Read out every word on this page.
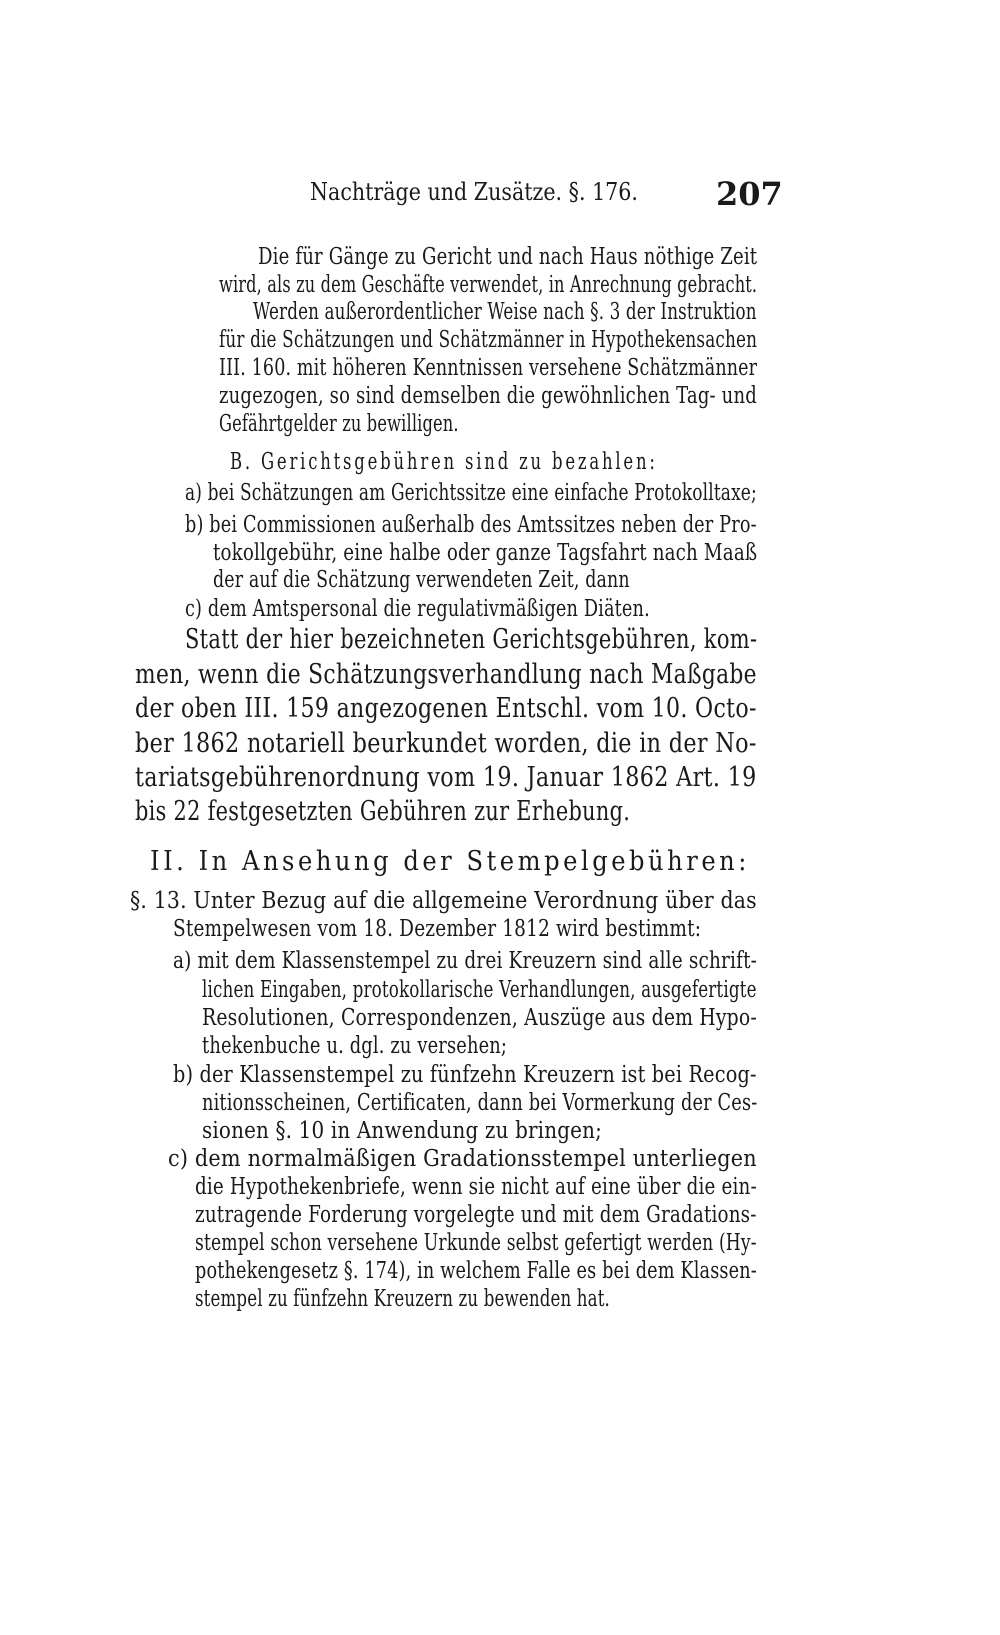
Nachträge und Zusätze. §. 176. 207
Die für Gänge zu Gericht und nach Haus nöthige Zeit
wird, als zu dem Geschäfte verwendet, in Anrechnung gebracht.
Werden außerordentlicher Weise nach §. 3 der Instruktion
für die Schätzungen und Schätzmänner in Hypothekensachen
III. 160. mit höheren Kenntnissen versehene Schätzmänner
zugezogen, so sind demselben die gewöhnlichen Tag- und
Gefährtgelder zu bewilligen.
B. Gerichtsgebühren sind zu bezahlen:
a) bei Schätzungen am Gerichtssitze eine einfache Protokolltaxe;
b) bei Commissionen außerhalb des Amtssitzes neben der Pro-
tokollgebühr, eine halbe oder ganze Tagsfahrt nach Maaß
der auf die Schätzung verwendeten Zeit, dann
c) dem Amtspersonal die regulativmäßigen Diäten.
Statt der hier bezeichneten Gerichtsgebühren, kom-
men, wenn die Schätzungsverhandlung nach Maßgabe
der oben III. 159 angezogenen Entschl. vom 10. Octo-
ber 1862 notariell beurkundet worden, die in der No-
tariatsgebührenordnung vom 19. Januar 1862 Art. 19
bis 22 festgesetzten Gebühren zur Erhebung.
II. In Ansehung der Stempelgebühren:
§. 13. Unter Bezug auf die allgemeine Verordnung über das
Stempelwesen vom 18. Dezember 1812 wird bestimmt:
a) mit dem Klassenstempel zu drei Kreuzern sind alle schrift-
lichen Eingaben, protokollarische Verhandlungen, ausgefertigte
Resolutionen, Correspondenzen, Auszüge aus dem Hypo-
thekenbuche u. dgl. zu versehen;
b) der Klassenstempel zu fünfzehn Kreuzern ist bei Recog-
nitionsscheinen, Certificaten, dann bei Vormerkung der Ces-
sionen §. 10 in Anwendung zu bringen;
c) dem normalmäßigen Gradationsstempel unterliegen
die Hypothekenbriefe, wenn sie nicht auf eine über die ein-
zutragende Forderung vorgelegte und mit dem Gradations-
stempel schon versehene Urkunde selbst gefertigt werden (Hy-
pothekengesetz §. 174), in welchem Falle es bei dem Klassen-
stempel zu fünfzehn Kreuzern zu bewenden hat.
